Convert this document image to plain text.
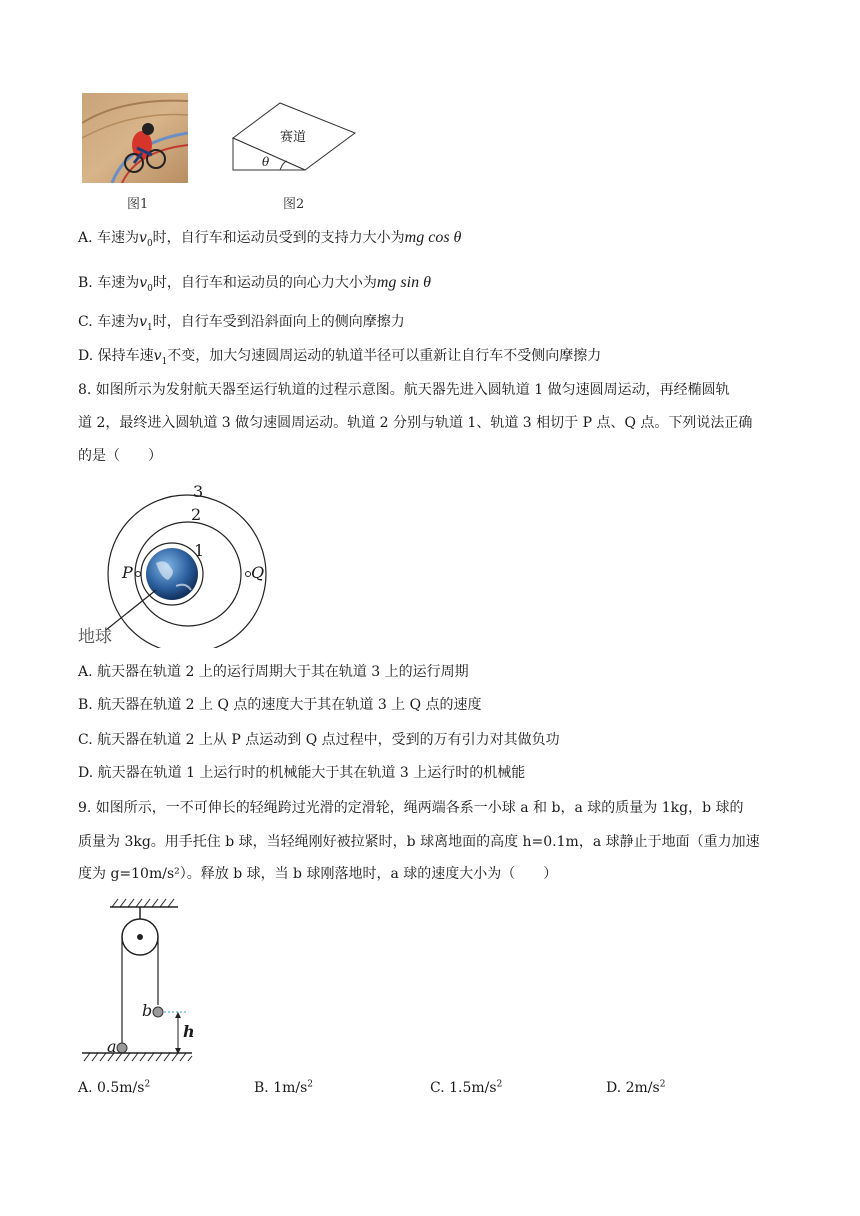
图1
赛道
θ
图2
A. 车速为$v_0$时，自行车和运动员受到的支持力大小为mg cos θ
B. 车速为$v_0$时，自行车和运动员的向心力大小为mg sin θ
C. 车速为$v_1$时，自行车受到沿斜面向上的侧向摩擦力
D. 保持车速$v_1$不变，加大匀速圆周运动的轨道半径可以重新让自行车不受侧向摩擦力
8. 如图所示为发射航天器至运行轨道的过程示意图。航天器先进入圆轨道 1 做匀速圆周运动，再经椭圆轨
道 2，最终进入圆轨道 3 做匀速圆周运动。轨道 2 分别与轨道 1、轨道 3 相切于 P 点、Q 点。下列说法正确
的是（　　）
3
2
1
P	Q
地球
A. 航天器在轨道 2 上的运行周期大于其在轨道 3 上的运行周期
B. 航天器在轨道 2 上 Q 点的速度大于其在轨道 3 上 Q 点的速度
C. 航天器在轨道 2 上从 P 点运动到 Q 点过程中，受到的万有引力对其做负功
D. 航天器在轨道 1 上运行时的机械能大于其在轨道 3 上运行时的机械能
9. 如图所示，一不可伸长的轻绳跨过光滑的定滑轮，绳两端各系一小球 a 和 b，a 球的质量为 1kg，b 球的
质量为 3kg。用手托住 b 球，当轻绳刚好被拉紧时，b 球离地面的高度 h=0.1m，a 球静止于地面（重力加速
度为 g=10m/s²）。释放 b 球，当 b 球刚落地时，a 球的速度大小为（　　）
b
h
a
A. $0.5m/s^2$	B. $1m/s^2$	C. $1.5m/s^2$	D. $2m/s^2$
